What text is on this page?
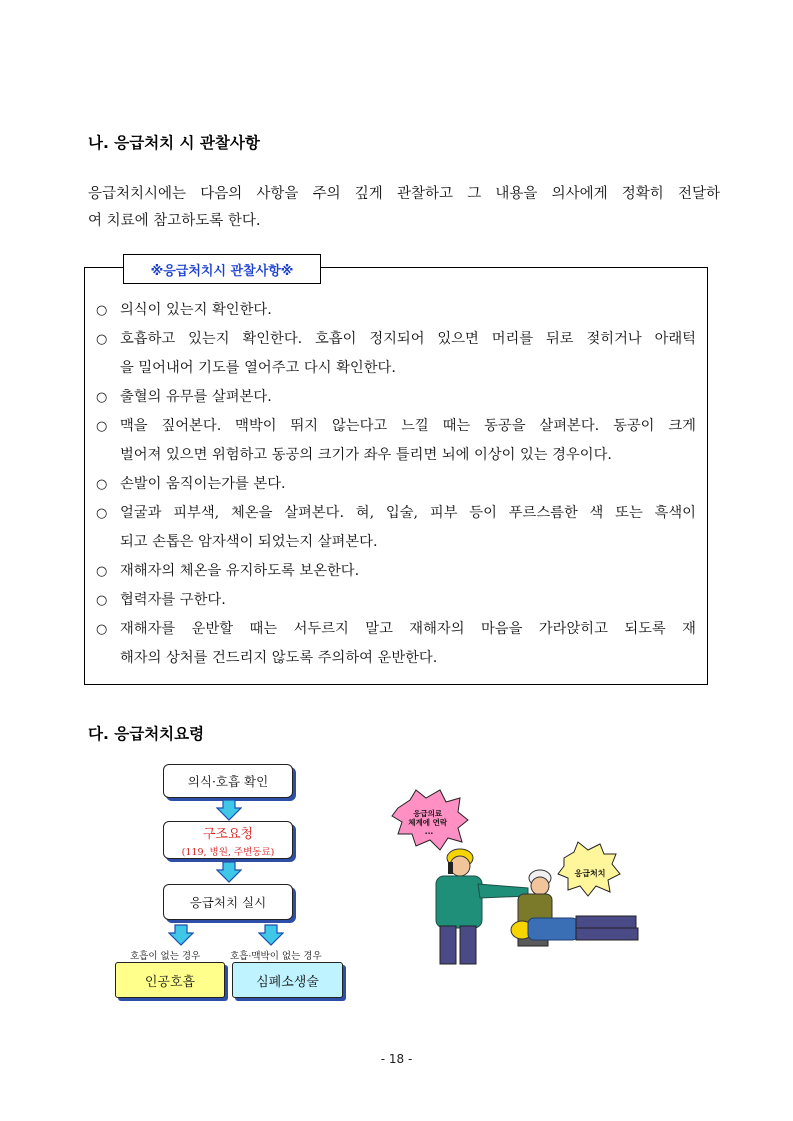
나. 응급처치 시 관찰사항

응급처치시에는 다음의 사항을 주의 깊게 관찰하고 그 내용을 의사에게 정확히 전달하

여 치료에 참고하도록 한다.

※응급처치시 관찰사항※
○ 의식이 있는지 확인한다.
○ 호흡하고 있는지 확인한다. 호흡이 정지되어 있으면 머리를 뒤로 젖히거나 아래턱
을 밀어내어 기도를 열어주고 다시 확인한다.
○ 출혈의 유무를 살펴본다.
○ 맥을 짚어본다. 맥박이 뛰지 않는다고 느낄 때는 동공을 살펴본다. 동공이 크게
벌어져 있으면 위험하고 동공의 크기가 좌우 틀리면 뇌에 이상이 있는 경우이다.
○ 손발이 움직이는가를 본다.
○ 얼굴과 피부색, 체온을 살펴본다. 혀, 입술, 피부 등이 푸르스름한 색 또는 흑색이
되고 손톱은 암자색이 되었는지 살펴본다.
○ 재해자의 체온을 유지하도록 보온한다.
○ 협력자를 구한다.
○ 재해자를 운반할 때는 서두르지 말고 재해자의 마음을 가라앉히고 되도록 재
해자의 상처를 건드리지 않도록 주의하여 운반한다.
다. 응급처치요령
의식·호흡 확인
구조요청
(119, 병원, 주변동료)
응급처치 실시
호흡이 없는 경우	호흡·맥박이 없는 경우
인공호흡	심폐소생술
응급의료 체계에 연락 ...
응급처치
- 18 -
